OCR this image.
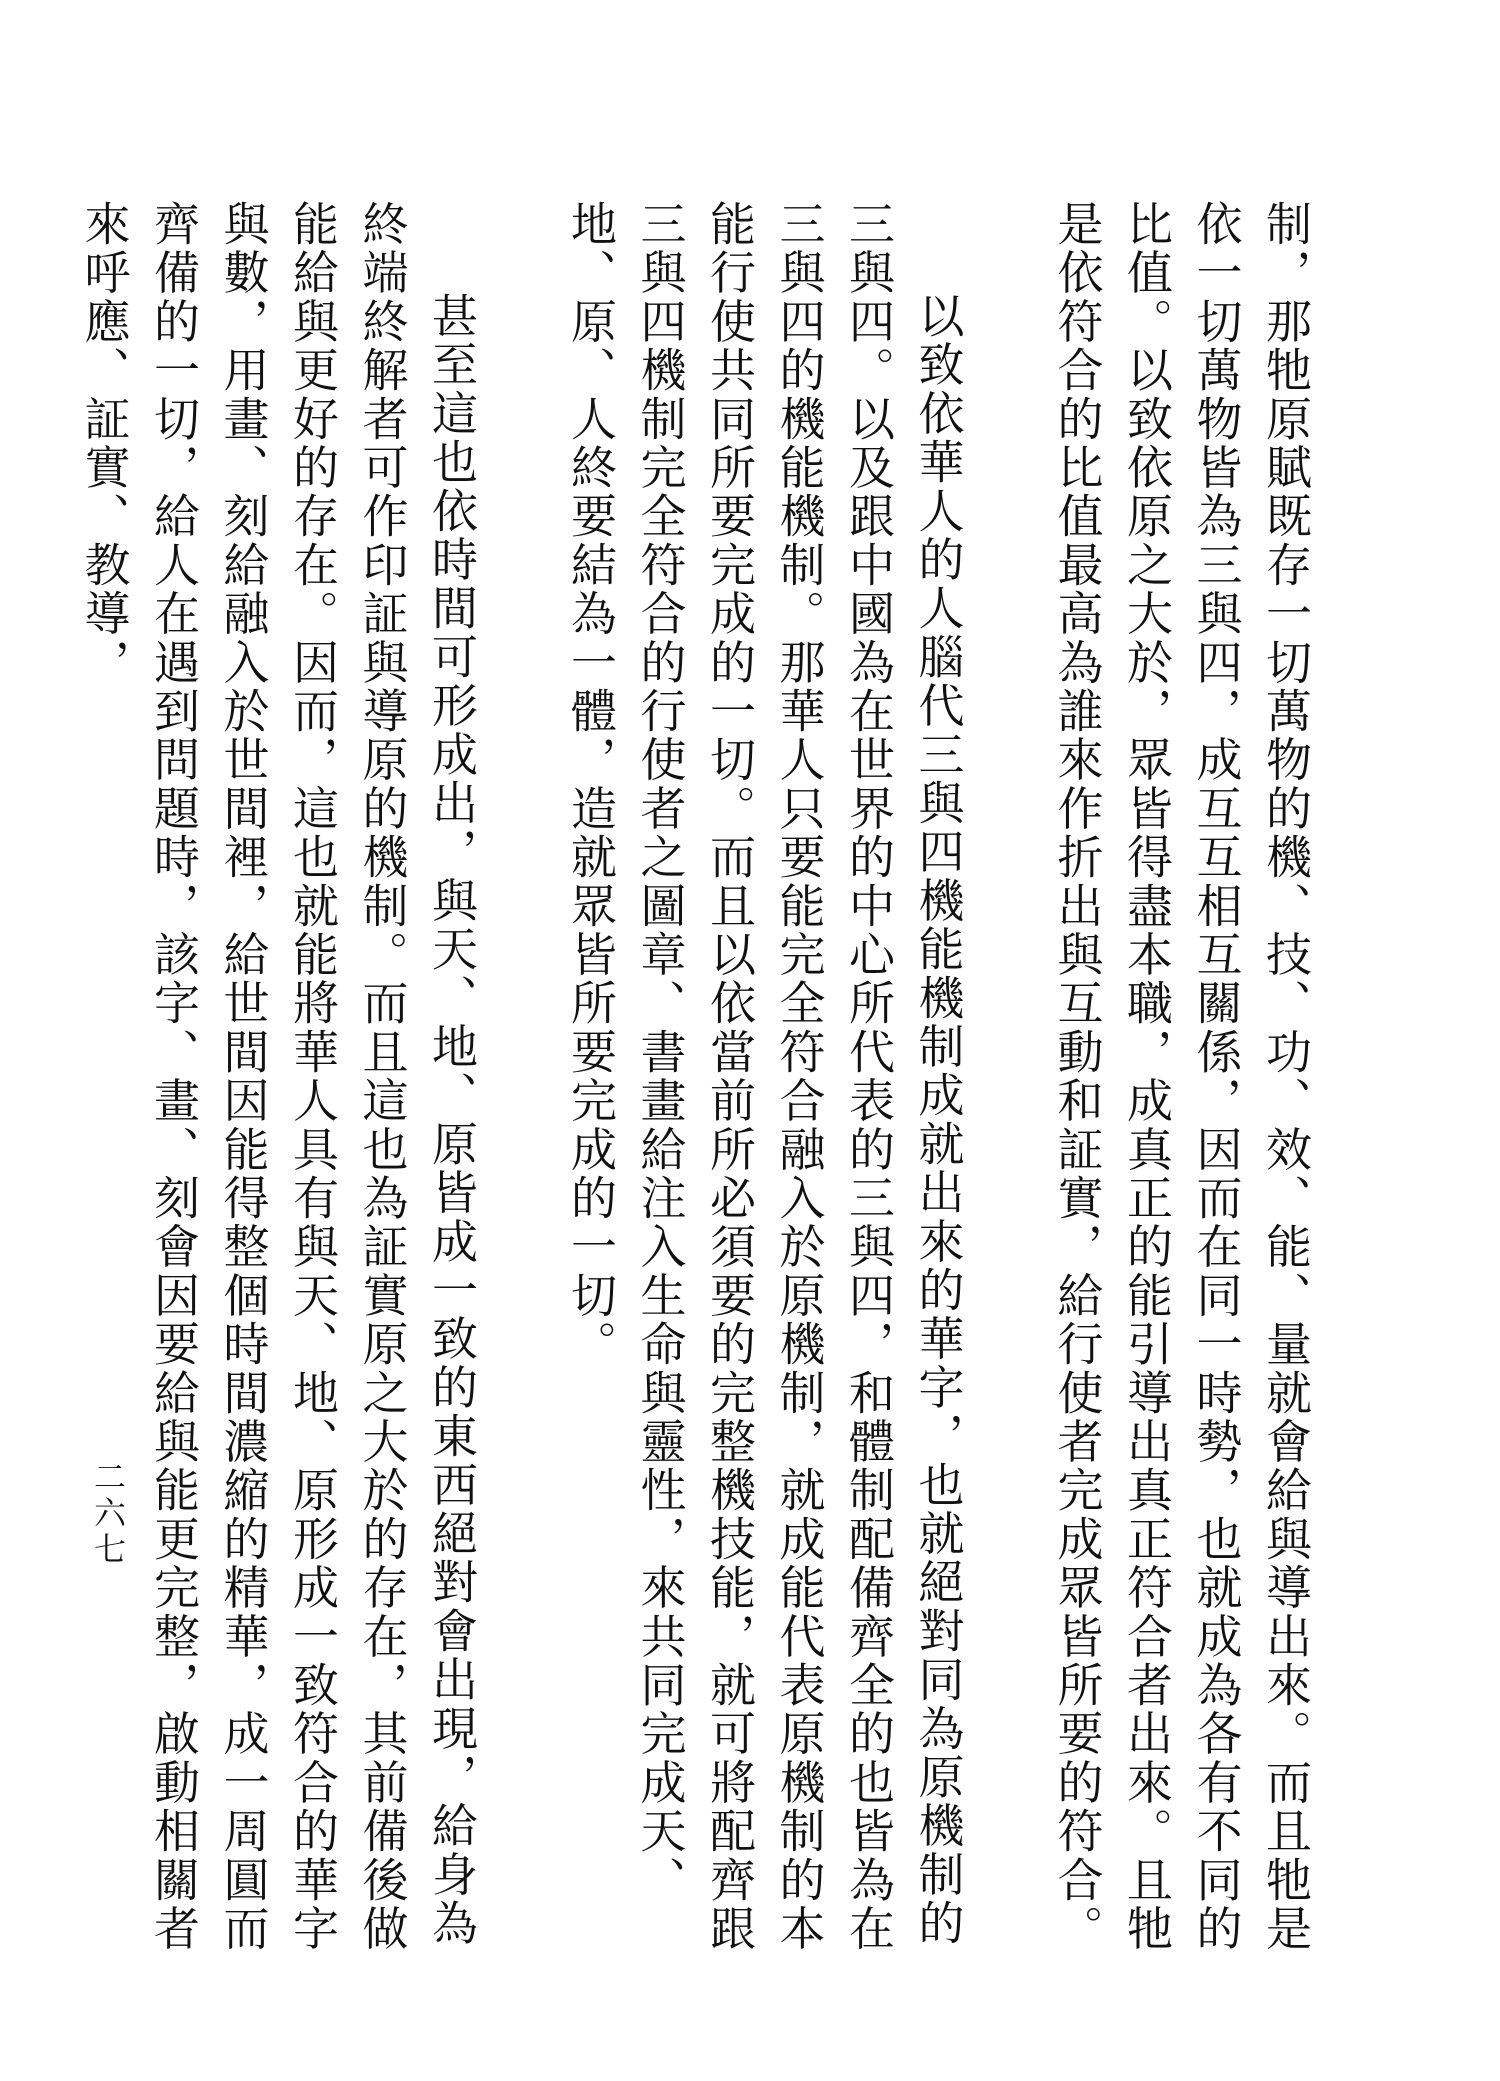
制，那牠原賦既存一切萬物的機、技、功、效、能、量就會給與導出來。而且牠是依一切萬物皆為三與四，成互互相互關係，因而在同一時勢，也就成為各有不同的比值。以致依原之大於，眾皆得盡本職，成真正的能引導出真正符合者出來。且牠是依符合的比值最高為誰來作折出與互動和証實，給行使者完成眾皆所要的符合。

以致依華人的人腦代三與四機能機制成就出來的華字，也就絕對同為原機制的三與四。以及跟中國為在世界的中心所代表的三與四，和體制配備齊全的也皆為在三與四的機能機制。那華人只要能完全符合融入於原機制，就成能代表原機制的本能行使共同所要完成的一切。而且以依當前所必須要的完整機技能，就可將配齊跟三與四機制完全符合的行使者之圖章、書畫給注入生命與靈性，來共同完成天、地、原、人終要結為一體，造就眾皆所要完成的一切。

甚至這也依時間可形成出，與天、地、原皆成一致的東西絕對會出現，給身為終端終解者可作印証與導原的機制。而且這也為証實原之大於的存在，其前備後做能給與更好的存在。因而，這也就能將華人具有與天、地、原形成一致符合的華字與數，用畫、刻給融入於世間裡，給世間因能得整個時間濃縮的精華，成一周圓而齊備的一切，給人在遇到問題時，該字、畫、刻會因要給與能更完整，啟動相關者來呼應、証實、教導，

二六七
